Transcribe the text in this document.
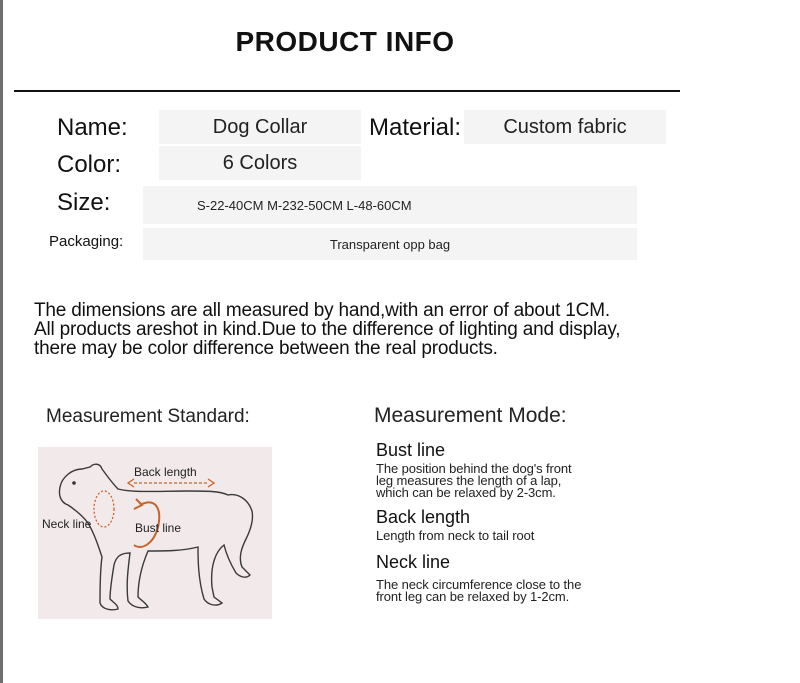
PRODUCT INFO
Name:	Dog Collar	Material:	Custom fabric
Color:	6 Colors
Size:	S-22-40CM M-232-50CM L-48-60CM
Packaging:	Transparent opp bag
The dimensions are all measured by hand,with an error of about 1CM.
All products areshot in kind.Due to the difference of lighting and display,
there may be color difference between the real products.
Measurement Standard:
Back length
Neck line	Bust line
Measurement Mode:
Bust line
The position behind the dog's front
leg measures the length of a lap,
which can be relaxed by 2-3cm.
Back length
Length from neck to tail root
Neck line
The neck circumference close to the
front leg can be relaxed by 1-2cm.
